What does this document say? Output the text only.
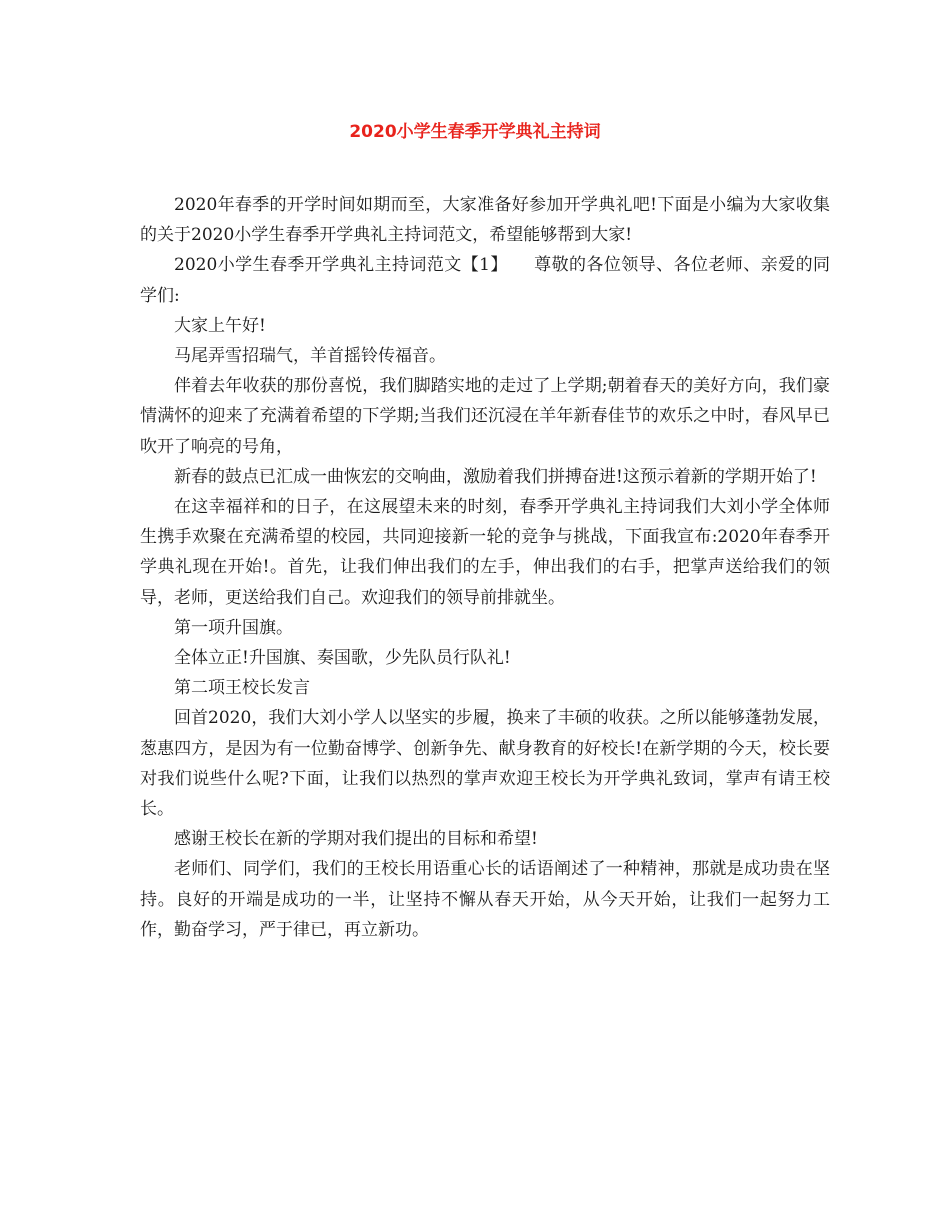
2020小学生春季开学典礼主持词

2020年春季的开学时间如期而至，大家准备好参加开学典礼吧!下面是小编为大家收集的关于2020小学生春季开学典礼主持词范文，希望能够帮到大家!

2020小学生春季开学典礼主持词范文【1】　　尊敬的各位领导、各位老师、亲爱的同学们:

大家上午好!

马尾弄雪招瑞气，羊首摇铃传福音。

伴着去年收获的那份喜悦，我们脚踏实地的走过了上学期;朝着春天的美好方向，我们豪情满怀的迎来了充满着希望的下学期;当我们还沉浸在羊年新春佳节的欢乐之中时，春风早已吹开了响亮的号角，

新春的鼓点已汇成一曲恢宏的交响曲，激励着我们拼搏奋进!这预示着新的学期开始了!

在这幸福祥和的日子，在这展望未来的时刻，春季开学典礼主持词我们大刘小学全体师生携手欢聚在充满希望的校园，共同迎接新一轮的竞争与挑战，下面我宣布:2020年春季开学典礼现在开始!。首先，让我们伸出我们的左手，伸出我们的右手，把掌声送给我们的领导，老师，更送给我们自己。欢迎我们的领导前排就坐。

第一项升国旗。

全体立正!升国旗、奏国歌，少先队员行队礼!

第二项王校长发言

回首2020，我们大刘小学人以坚实的步履，换来了丰硕的收获。之所以能够蓬勃发展，葱惠四方，是因为有一位勤奋博学、创新争先、献身教育的好校长!在新学期的今天，校长要对我们说些什么呢?下面，让我们以热烈的掌声欢迎王校长为开学典礼致词，掌声有请王校长。

感谢王校长在新的学期对我们提出的目标和希望!

老师们、同学们，我们的王校长用语重心长的话语阐述了一种精神，那就是成功贵在坚持。良好的开端是成功的一半，让坚持不懈从春天开始，从今天开始，让我们一起努力工作，勤奋学习，严于律已，再立新功。
